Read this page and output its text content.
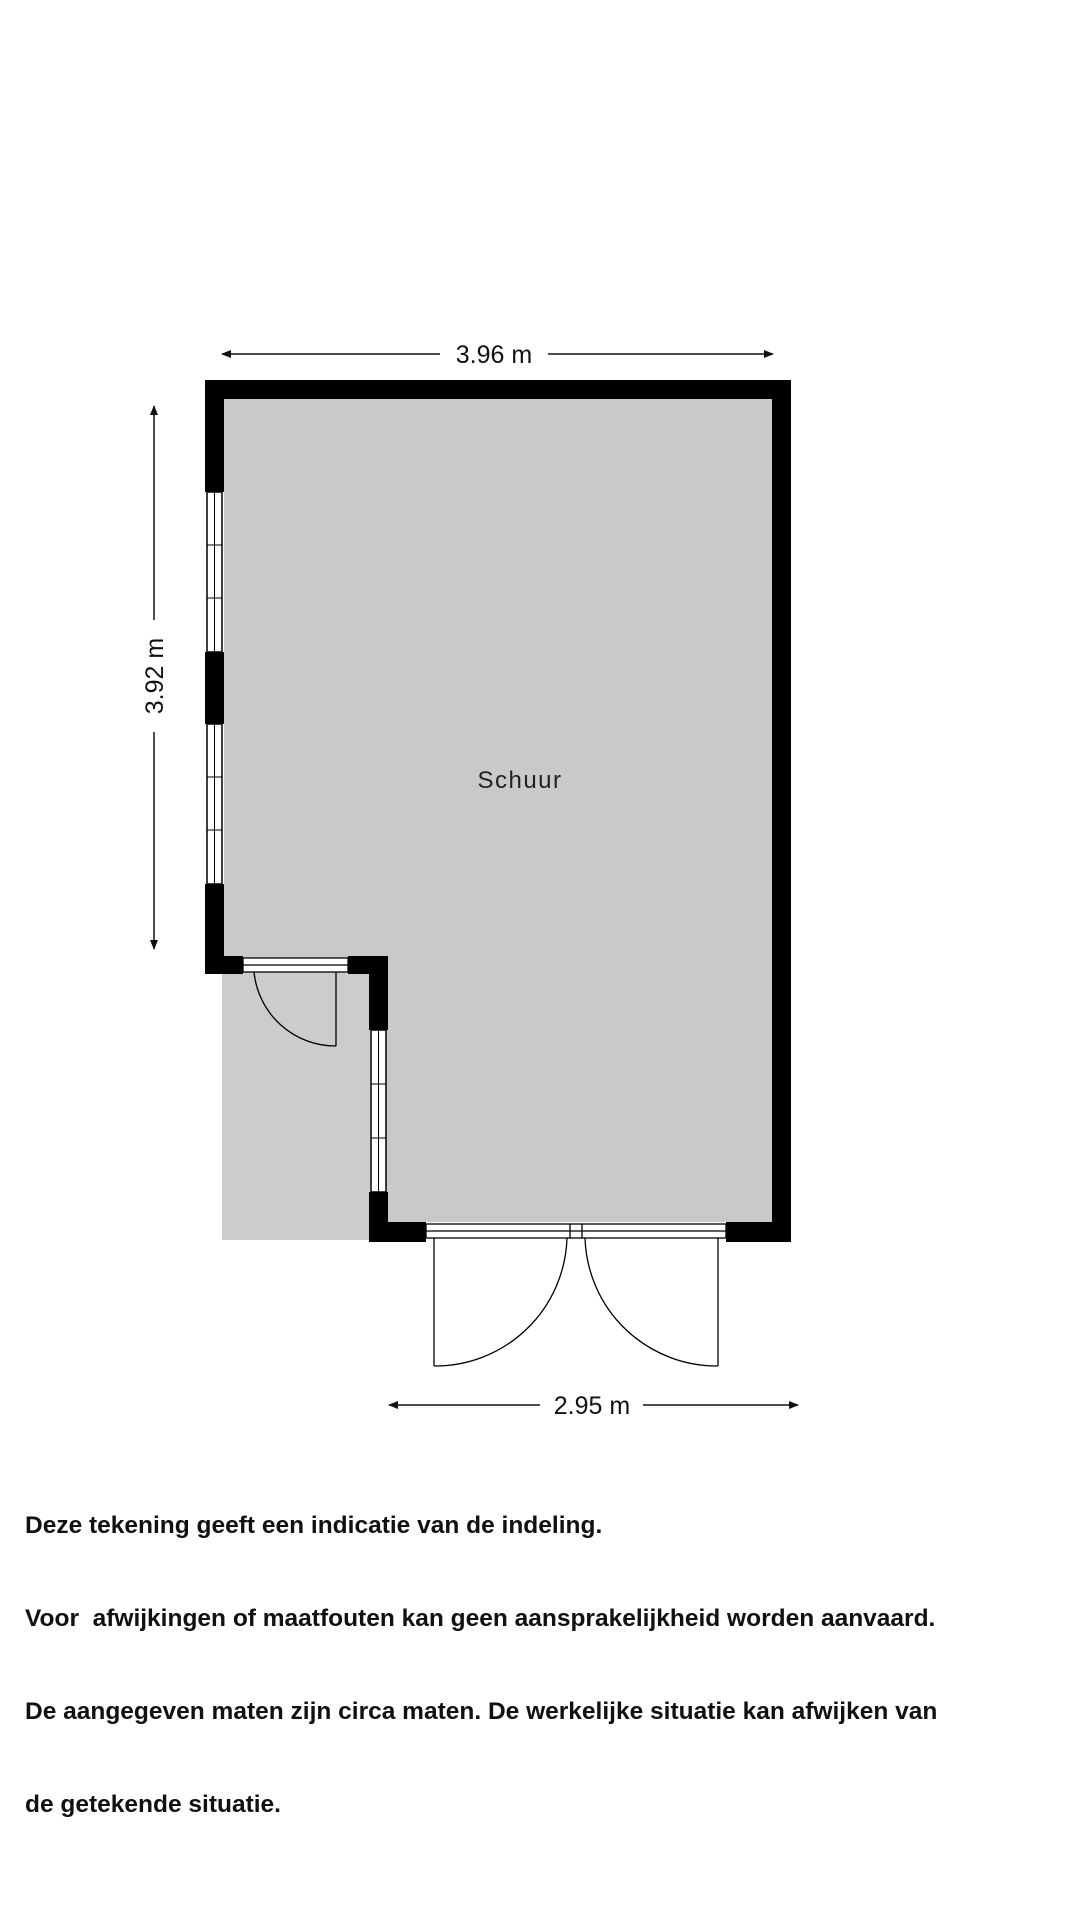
Schuur
3.96 m
3.92 m
2.95 m

Deze tekening geeft een indicatie van de indeling.

Voor  afwijkingen of maatfouten kan geen aansprakelijkheid worden aanvaard.

De aangegeven maten zijn circa maten. De werkelijke situatie kan afwijken van

de getekende situatie.
